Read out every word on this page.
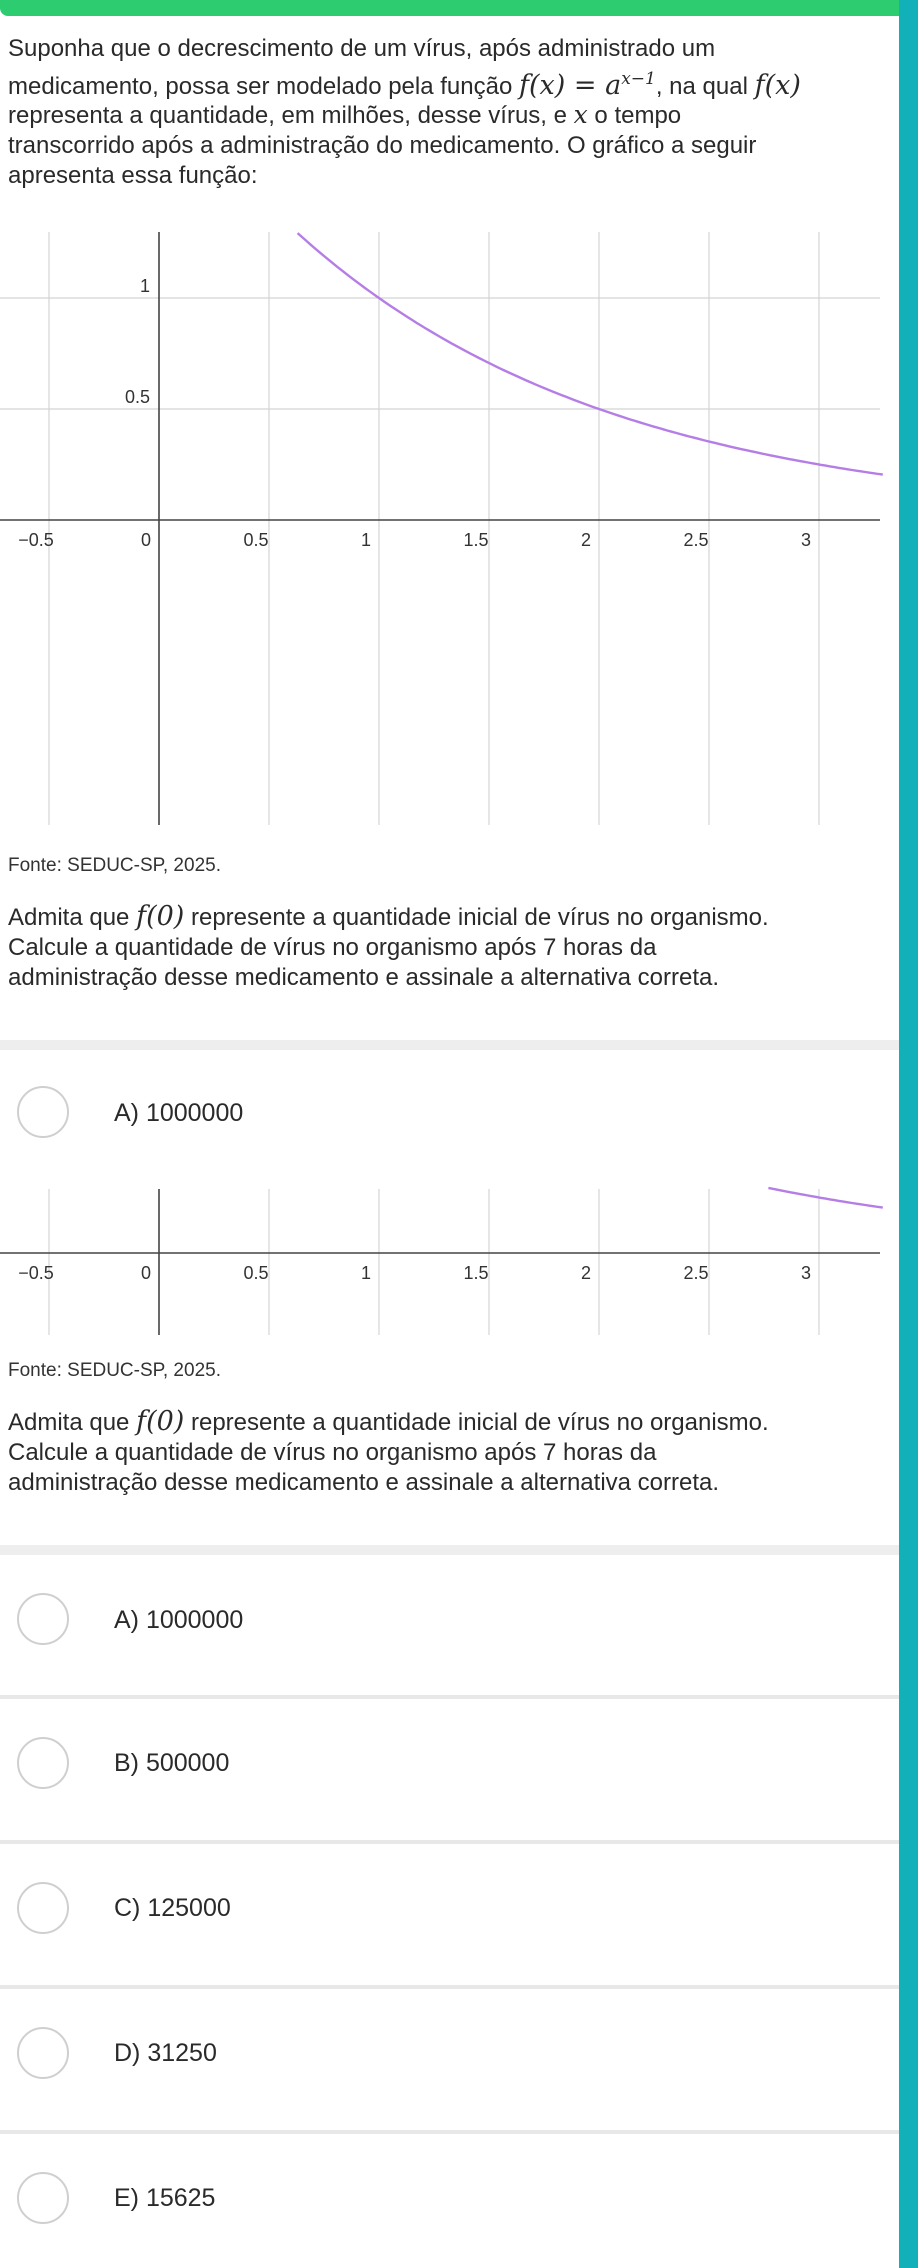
Suponha que o decrescimento de um vírus, após administrado um
medicamento, possa ser modelado pela função $f(x) = a^{x-1}$, na qual f(x)
representa a quantidade, em milhões, desse vírus, e x o tempo
transcorrido após a administração do medicamento. O gráfico a seguir
apresenta essa função:
−0.5	0	0.5	1	1.5	2	2.5	3
0.5
1
Fonte: SEDUC-SP, 2025.
Admita que f(0) represente a quantidade inicial de vírus no organismo.
Calcule a quantidade de vírus no organismo após 7 horas da
administração desse medicamento e assinale a alternativa correta.
A) 1000000
−0.5	0	0.5	1	1.5	2	2.5	3
Fonte: SEDUC-SP, 2025.
Admita que f(0) represente a quantidade inicial de vírus no organismo.
Calcule a quantidade de vírus no organismo após 7 horas da
administração desse medicamento e assinale a alternativa correta.
A) 1000000
B) 500000
C) 125000
D) 31250
E) 15625
